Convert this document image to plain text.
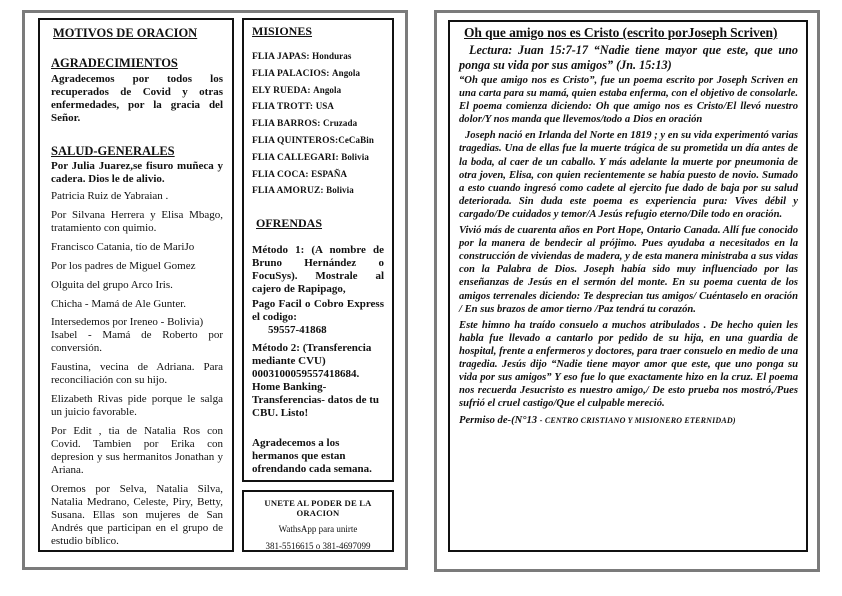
MOTIVOS DE ORACION
AGRADECIMIENTOS

Agradecemos por todos los recuperados de Covid y otras enfermedades, por la gracia del Señor.

SALUD-GENERALES

Por Julia Juarez,se fisuro muñeca y cadera. Dios le de alivio.

Patricia Ruiz de Yabraian .

Por Silvana Herrera y Elisa Mbago, tratamiento con quimio.

Francisco Catania, tío de MariJo

Por los padres de Miguel Gomez

Olguita del grupo Arco Iris.

Chicha - Mamá de Ale Gunter.

Intersedemos por Ireneo - Bolivia)

Isabel - Mamá de Roberto por conversión.

Faustina, vecina de Adriana. Para reconciliación con su hijo.

Elizabeth Rivas pide porque le salga un juicio favorable.

Por Edit , tia de Natalia Ros con Covid. Tambien por Erika con depresion y sus hermanitos Jonathan y Ariana.

Oremos por Selva, Natalia Silva, Natalia Medrano, Celeste, Piry, Betty, Susana. Ellas son mujeres de San Andrés que participan en el grupo de estudio bíblico.

MISIONES
FLIA JAPAS: Honduras
FLIA PALACIOS: Angola
ELY RUEDA: Angola
FLIA TROTT: USA
FLIA BARROS: Cruzada
FLIA QUINTEROS:CeCaBin
FLIA CALLEGARI: Bolivia
FLIA COCA: ESPAÑA
FLIA AMORUZ: Bolivia
OFRENDAS

Método 1: (A nombre de Bruno Hernández o FocuSys). Mostrale al cajero de Rapipago,

Pago Facil o Cobro Express el codigo:

59557-41868

Método 2: (Transferencia mediante CVU)

0003100059557418684.

Home Banking-Transferencias- datos de tu CBU. Listo!

Agradecemos a los hermanos que estan ofrendando cada semana.

UNETE AL PODER DE LA ORACION
WathsApp para unirte
381-5516615 o 381-4697099
Oh que amigo nos es Cristo (escrito porJoseph Scriven)
Lectura: Juan 15:7-17 “Nadie tiene mayor que este, que uno ponga su vida por sus amigos” (Jn. 15:13)

“Oh que amigo nos es Cristo”, fue un poema escrito por Joseph Scriven en una carta para su mamá, quien estaba enferma, con el objetivo de consolarle. El poema comienza diciendo: Oh que amigo nos es Cristo/El llevó nuestro dolor/Y nos manda que llevemos/todo a Dios en oración

Joseph nació en Irlanda del Norte en 1819 ; y en su vida experimentó varias tragedias. Una de ellas fue la muerte trágica de su prometida un día antes de la boda, al caer de un caballo. Y más adelante la muerte por pneumonia de otra joven, Elisa, con quien recientemente se había puesto de novio. Sumado a esto cuando ingresó como cadete al ejercito fue dado de baja por su salud deteriorada. Sin duda este poema es experiencia pura: Vives débil y cargado/De cuidados y temor/A Jesús refugio eterno/Dile todo en oración.

Vivió más de cuarenta años en Port Hope, Ontario Canada. Allí fue conocido por la manera de bendecir al prójimo. Pues ayudaba a necesitados en la construcción de viviendas de madera, y de esta manera ministraba a sus vidas con la Palabra de Dios. Joseph había sido muy influenciado por las enseñanzas de Jesús en el sermón del monte. En su poema cuenta de los amigos terrenales diciendo: Te desprecian tus amigos/ Cuéntaselo en oración / En sus brazos de amor tierno /Paz tendrá tu corazón.

Este himno ha traído consuelo a muchos atribulados . De hecho quien les habla fue llevado a cantarlo por pedido de su hija, en una guardia de hospital, frente a enfermeros y doctores, para traer consuelo en medio de una tragedia. Jesús dijo “Nadie tiene mayor amor que este, que uno ponga su vida por sus amigos” Y eso fue lo que exactamente hizo en la cruz. El poema nos recuerda Jesucristo es nuestro amigo,/ De esto prueba nos mostró,/Pues sufrió el cruel castigo/Que el culpable mereció.

Permiso de-(N°13 - CENTRO CRISTIANO Y MISIONERO ETERNIDAD)
